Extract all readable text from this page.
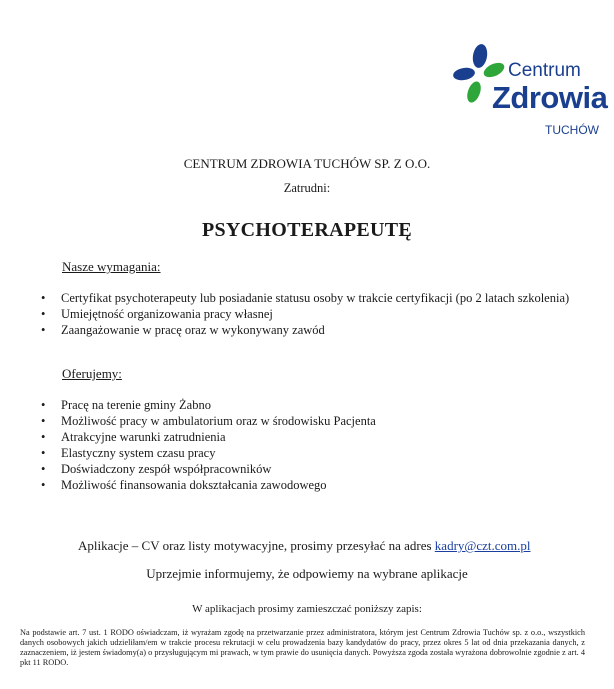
Centrum
Zdrowia
TUCHÓW
CENTRUM ZDROWIA TUCHÓW SP. Z O.O.
Zatrudni:
PSYCHOTERAPEUTĘ
Nasze wymagania:
• Certyfikat psychoterapeuty lub posiadanie statusu osoby w trakcie certyfikacji (po 2 latach szkolenia)
• Umiejętność organizowania pracy własnej
• Zaangażowanie w pracę oraz w wykonywany zawód
Oferujemy:
• Pracę na terenie gminy Żabno
• Możliwość pracy w ambulatorium oraz w środowisku Pacjenta
• Atrakcyjne warunki zatrudnienia
• Elastyczny system czasu pracy
• Doświadczony zespół współpracowników
• Możliwość finansowania dokształcania zawodowego
Aplikacje – CV oraz listy motywacyjne, prosimy przesyłać na adres kadry@czt.com.pl
Uprzejmie informujemy, że odpowiemy na wybrane aplikacje
W aplikacjach prosimy zamieszczać poniższy zapis:
Na podstawie art. 7 ust. 1 RODO oświadczam, iż wyrażam zgodę na przetwarzanie przez administratora, którym jest Centrum Zdrowia Tuchów sp. z o.o., wszystkich danych osobowych jakich udzieliłam/em w trakcie procesu rekrutacji w celu prowadzenia bazy kandydatów do pracy, przez okres 5 lat od dnia przekazania danych, z zaznaczeniem, iż jestem świadomy(a) o przysługującym mi prawach, w tym prawie do usunięcia danych. Powyższa zgoda została wyrażona dobrowolnie zgodnie z art. 4 pkt 11 RODO.
